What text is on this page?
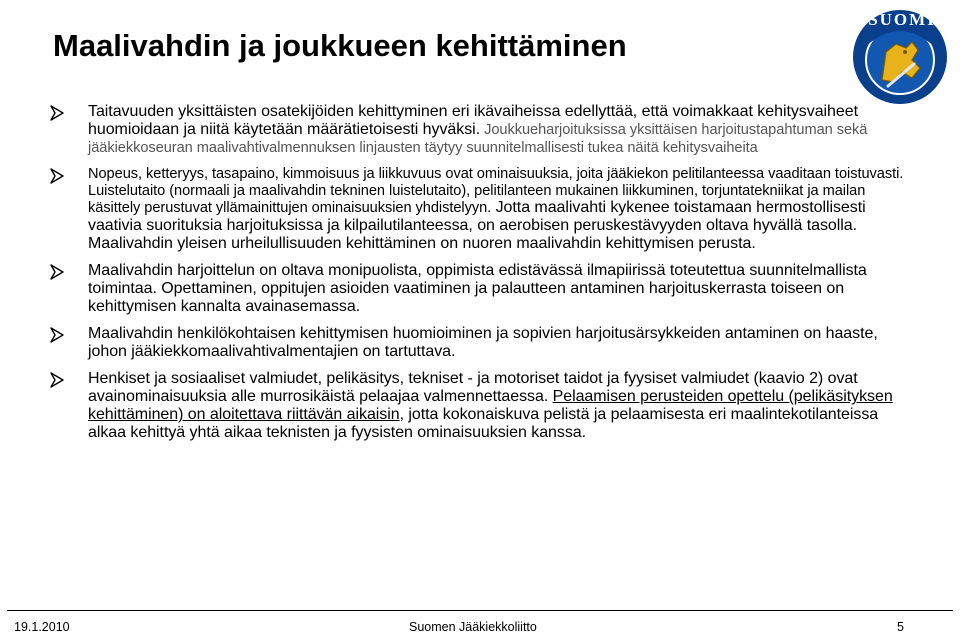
Maalivahdin ja joukkueen kehittäminen
SUOMI
Taitavuuden yksittäisten osatekijöiden kehittyminen eri ikävaiheissa edellyttää, että voimakkaat kehitysvaiheet huomioidaan ja niitä käytetään määrätietoisesti hyväksi. Joukkueharjoituksissa yksittäisen harjoitustapahtuman sekä jääkiekkoseuran maalivahtivalmennuksen linjausten täytyy suunnitelmallisesti tukea näitä kehitysvaiheita
Nopeus, ketteryys, tasapaino, kimmoisuus ja liikkuvuus ovat ominaisuuksia, joita jääkiekon pelitilanteessa vaaditaan toistuvasti. Luistelutaito (normaali ja maalivahdin tekninen luistelutaito), pelitilanteen mukainen liikkuminen, torjuntatekniikat ja mailan käsittely perustuvat yllämainittujen ominaisuuksien yhdistelyyn. Jotta maalivahti kykenee toistamaan hermostollisesti vaativia suorituksia harjoituksissa ja kilpailutilanteessa, on aerobisen peruskestävyyden oltava hyvällä tasolla. Maalivahdin yleisen urheilullisuuden kehittäminen on nuoren maalivahdin kehittymisen perusta.
Maalivahdin harjoittelun on oltava monipuolista, oppimista edistävässä ilmapiirissä toteutettua suunnitelmallista toimintaa. Opettaminen, oppitujen asioiden vaatiminen ja palautteen antaminen harjoituskerrasta toiseen on kehittymisen kannalta avainasemassa.
Maalivahdin henkilökohtaisen kehittymisen huomioiminen ja sopivien harjoitusärsykkeiden antaminen on haaste, johon jääkiekkomaalivahtivalmentajien on tartuttava.
Henkiset ja sosiaaliset valmiudet, pelikäsitys, tekniset - ja motoriset taidot ja fyysiset valmiudet (kaavio 2) ovat avainominaisuuksia alle murrosikäistä pelaajaa valmennettaessa. Pelaamisen perusteiden opettelu (pelikäsityksen kehittäminen) on aloitettava riittävän aikaisin, jotta kokonaiskuva pelistä ja pelaamisesta eri maalintekotilanteissa alkaa kehittyä yhtä aikaa teknisten ja fyysisten ominaisuuksien kanssa.
19.1.2010	Suomen Jääkiekkoliitto	5
